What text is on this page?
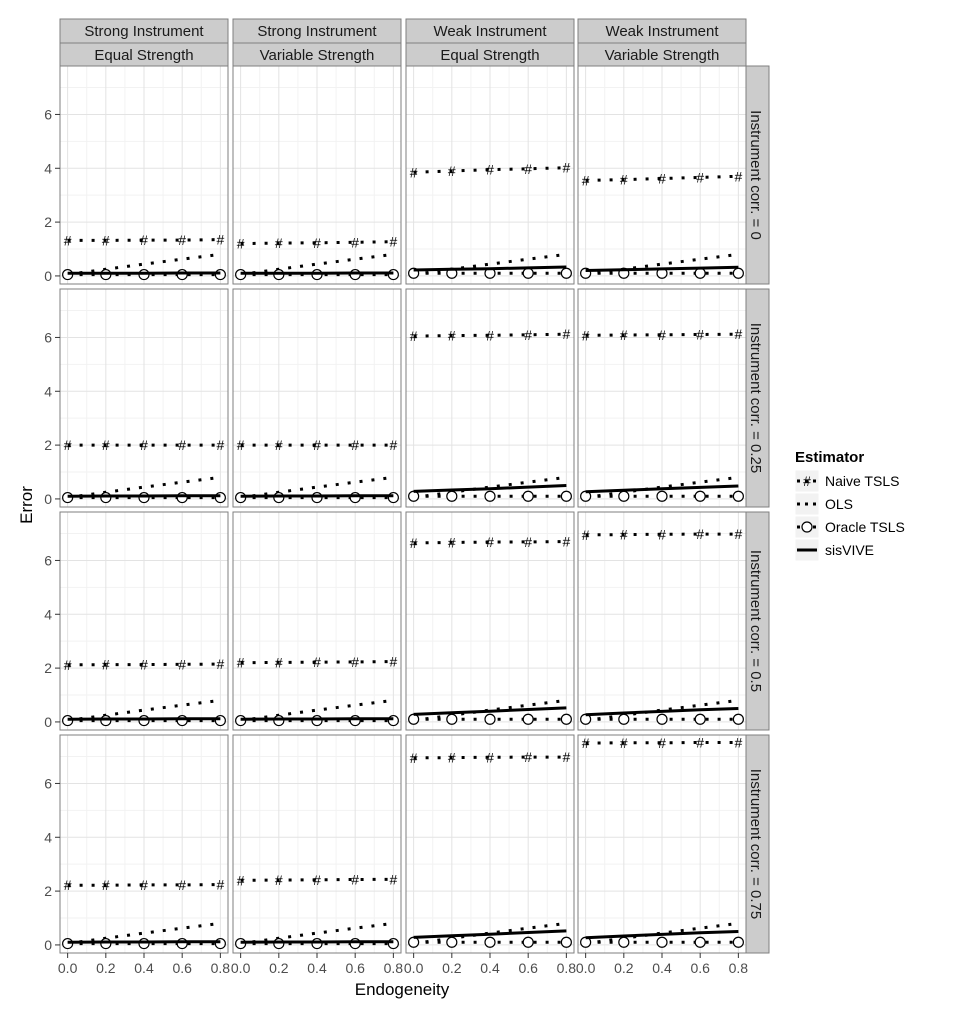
Strong Instrument
Equal Strength
Strong Instrument
Variable Strength
Weak Instrument
Equal Strength
Weak Instrument
Variable Strength
Instrument corr. = 0
Instrument corr. = 0.25
Instrument corr. = 0.5
Instrument corr. = 0.75
# # # # # # # # # #
# # # # #
# # # # #
# # # # # # # # # #
# # # # # # # # # #
# # # # # # # # # #
# # # # # # # # # #
# # # # # # # # # #
# # # # #
# # # # #
0
2
4
6
0
2
4
6
0
2
4
6
0
2
4
6
0.0 0.2 0.4 0.6 0.8 0.0 0.2 0.4 0.6 0.8 0.0 0.2 0.4 0.6 0.8 0.0 0.2 0.4 0.6 0.8
Endogeneity
Error
Estimator
# Naive TSLS
OLS
Oracle TSLS
sisVIVE
